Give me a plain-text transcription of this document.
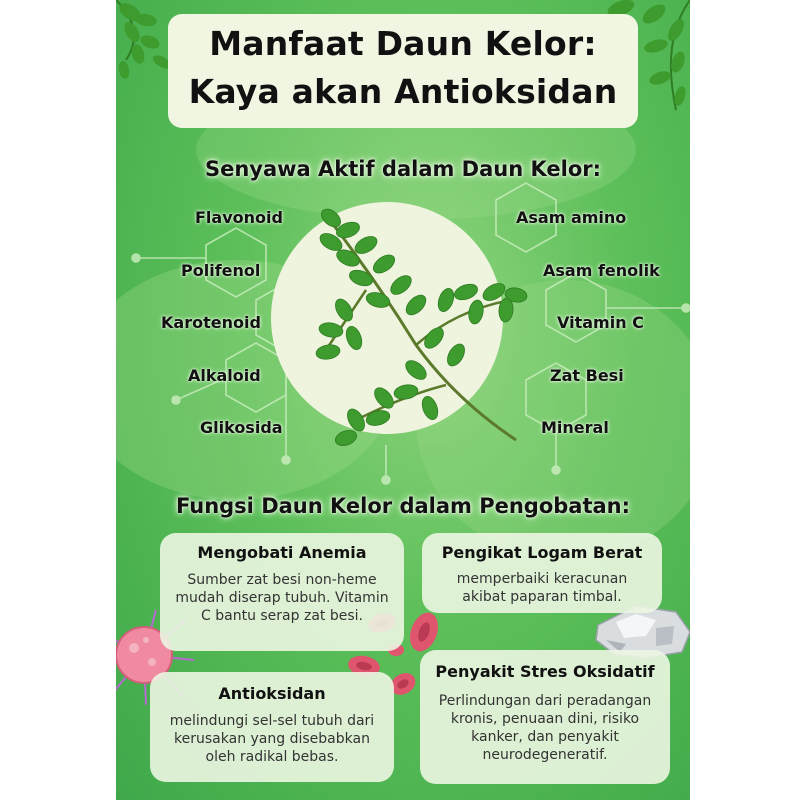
Manfaat Daun Kelor:
Kaya akan Antioksidan
Senyawa Aktif dalam Daun Kelor:
Flavonoid
Polifenol
Karotenoid
Alkaloid
Glikosida
Asam amino
Asam fenolik
Vitamin C
Zat Besi
Mineral
Fungsi Daun Kelor dalam Pengobatan:
Mengobati Anemia
Sumber zat besi non-heme
mudah diserap tubuh. Vitamin
C bantu serap zat besi.
Pengikat Logam Berat
memperbaiki keracunan
akibat paparan timbal.
Antioksidan
melindungi sel-sel tubuh dari
kerusakan yang disebabkan
oleh radikal bebas.
Penyakit Stres Oksidatif
Perlindungan dari peradangan
kronis, penuaan dini, risiko
kanker, dan penyakit
neurodegeneratif.
